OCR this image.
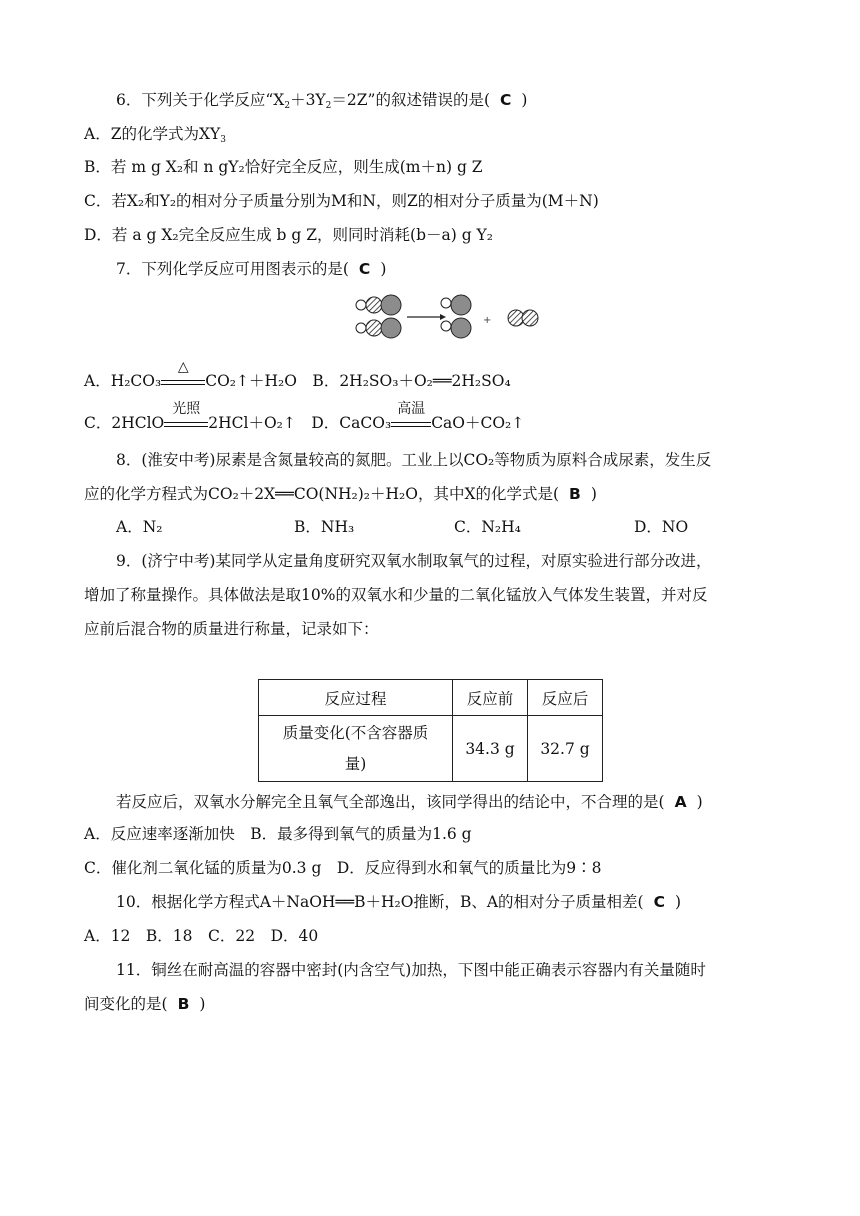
6．下列关于化学反应“$X_2+3Y_2=2Z$”的叙述错误的是( C )
A．Z的化学式为$XY_3$
B．若 m g X₂和 n gY₂恰好完全反应，则生成(m＋n) g Z
C．若X₂和Y₂的相对分子质量分别为M和N，则Z的相对分子质量为(M＋N)
D．若 a g X₂完全反应生成 b g Z，则同时消耗(b－a) g Y₂
7．下列化学反应可用图表示的是( C )
+
A．H₂CO₃
△
CO₂↑＋H₂O　B．2H₂SO₃＋O₂══2H₂SO₄
C．2HClO
光照
2HCl＋O₂↑　D．CaCO₃
高温
CaO＋CO₂↑
8．(淮安中考)尿素是含氮量较高的氮肥。工业上以CO₂等物质为原料合成尿素，发生反
应的化学方程式为CO₂＋2X══CO(NH₂)₂＋H₂O，其中X的化学式是( B )
A．N₂	B．NH₃	C．N₂H₄	D．NO
9．(济宁中考)某同学从定量角度研究双氧水制取氧气的过程，对原实验进行部分改进，
增加了称量操作。具体做法是取10%的双氧水和少量的二氧化锰放入气体发生装置，并对反
应前后混合物的质量进行称量，记录如下：
反应过程	反应前	反应后
质量变化(不含容器质
量)	34.3 g	32.7 g
若反应后，双氧水分解完全且氧气全部逸出，该同学得出的结论中，不合理的是( A )
A．反应速率逐渐加快　B．最多得到氧气的质量为1.6 g
C．催化剂二氧化锰的质量为0.3 g　D．反应得到水和氧气的质量比为9∶8
10．根据化学方程式A＋NaOH══B＋H₂O推断，B、A的相对分子质量相差( C )
A．12　B．18　C．22　D．40
11．铜丝在耐高温的容器中密封(内含空气)加热，下图中能正确表示容器内有关量随时
间变化的是( B )
